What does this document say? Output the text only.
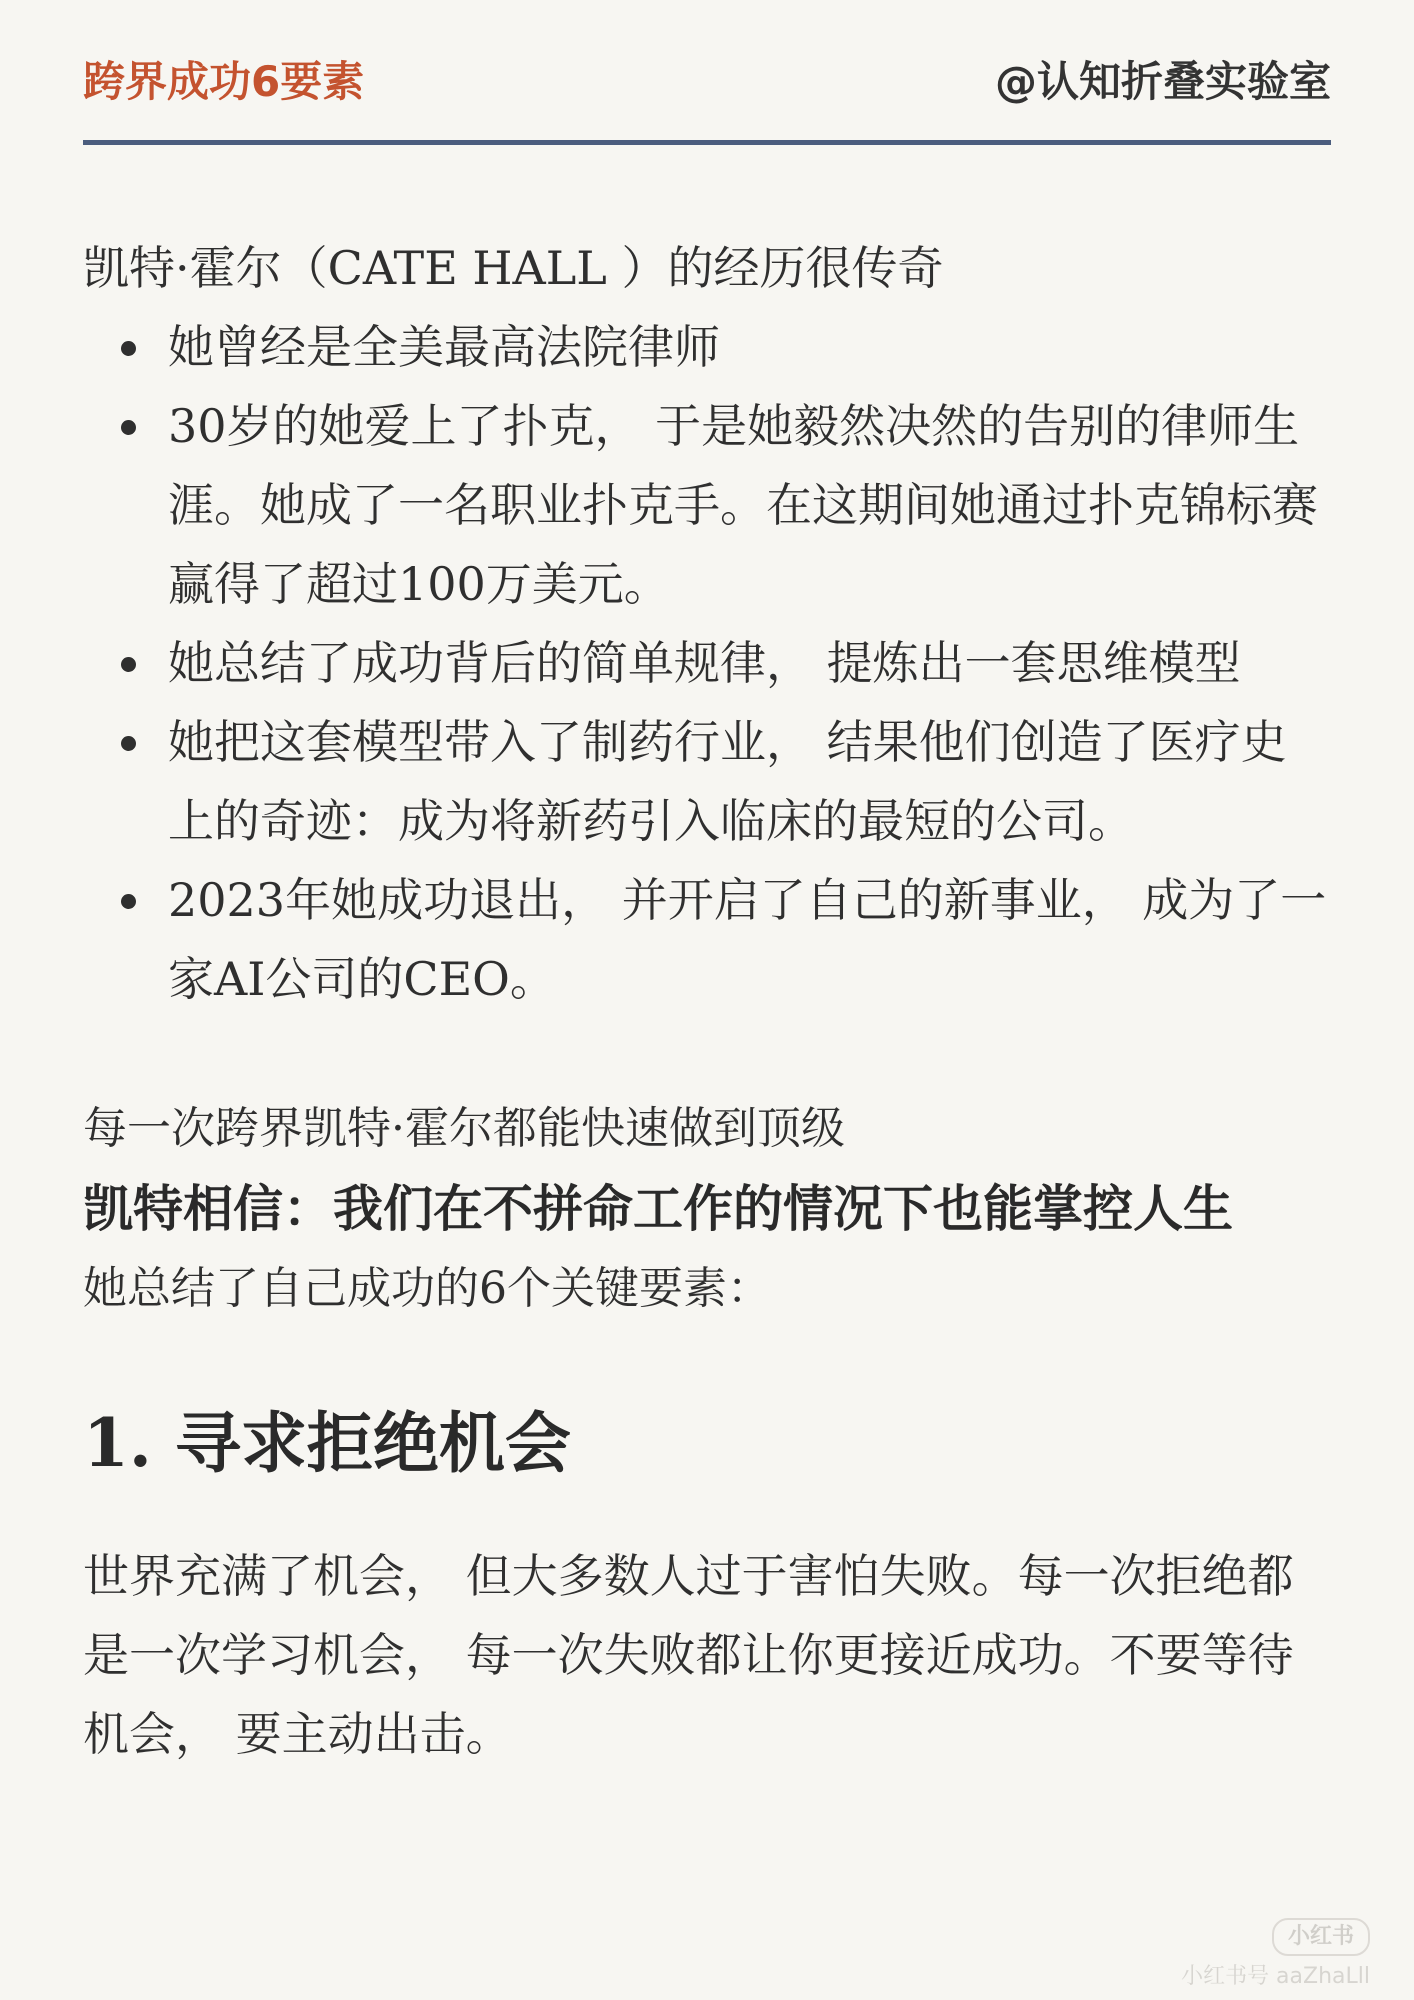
跨界成功6要素	@认知折叠实验室

凯特·霍尔（CATE HALL ）的经历很传奇

她曾经是全美最高法院律师
30岁的她爱上了扑克， 于是她毅然决然的告别的律师生涯。她成了一名职业扑克手。在这期间她通过扑克锦标赛赢得了超过100万美元。
她总结了成功背后的简单规律， 提炼出一套思维模型
她把这套模型带入了制药行业， 结果他们创造了医疗史上的奇迹：成为将新药引入临床的最短的公司。
2023年她成功退出， 并开启了自己的新事业， 成为了一家AI公司的CEO。

每一次跨界凯特·霍尔都能快速做到顶级

凯特相信：我们在不拼命工作的情况下也能掌控人生

她总结了自己成功的6个关键要素：

1. 寻求拒绝机会

世界充满了机会， 但大多数人过于害怕失败。每一次拒绝都是一次学习机会， 每一次失败都让你更接近成功。不要等待机会， 要主动出击。

小红书
小红书号 aaZhaLll
